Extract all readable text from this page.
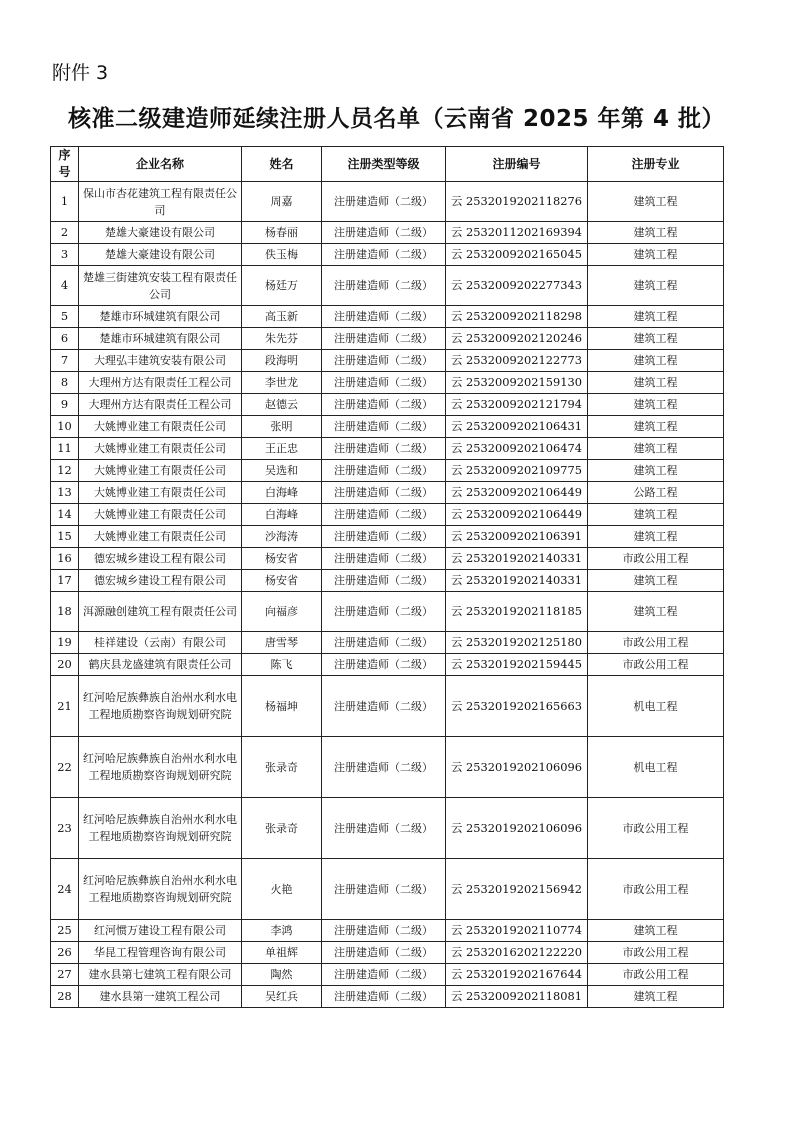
附件 3
核准二级建造师延续注册人员名单（云南省 2025 年第 4 批）
序号	企业名称	姓名	注册类型等级	注册编号	注册专业
1	保山市杏花建筑工程有限责任公司	周嘉	注册建造师（二级）	云 2532019202118276	建筑工程
2	楚雄大豪建设有限公司	杨春丽	注册建造师（二级）	云 2532011202169394	建筑工程
3	楚雄大豪建设有限公司	佚玉梅	注册建造师（二级）	云 2532009202165045	建筑工程
4	楚雄三街建筑安装工程有限责任公司	杨廷万	注册建造师（二级）	云 2532009202277343	建筑工程
5	楚雄市环城建筑有限公司	高玉新	注册建造师（二级）	云 2532009202118298	建筑工程
6	楚雄市环城建筑有限公司	朱先芬	注册建造师（二级）	云 2532009202120246	建筑工程
7	大理弘丰建筑安装有限公司	段海明	注册建造师（二级）	云 2532009202122773	建筑工程
8	大理州方达有限责任工程公司	李世龙	注册建造师（二级）	云 2532009202159130	建筑工程
9	大理州方达有限责任工程公司	赵德云	注册建造师（二级）	云 2532009202121794	建筑工程
10	大姚博业建工有限责任公司	张明	注册建造师（二级）	云 2532009202106431	建筑工程
11	大姚博业建工有限责任公司	王正忠	注册建造师（二级）	云 2532009202106474	建筑工程
12	大姚博业建工有限责任公司	吴选和	注册建造师（二级）	云 2532009202109775	建筑工程
13	大姚博业建工有限责任公司	白海峰	注册建造师（二级）	云 2532009202106449	公路工程
14	大姚博业建工有限责任公司	白海峰	注册建造师（二级）	云 2532009202106449	建筑工程
15	大姚博业建工有限责任公司	沙海涛	注册建造师（二级）	云 2532009202106391	建筑工程
16	德宏城乡建设工程有限公司	杨安省	注册建造师（二级）	云 2532019202140331	市政公用工程
17	德宏城乡建设工程有限公司	杨安省	注册建造师（二级）	云 2532019202140331	建筑工程
18	洱源融创建筑工程有限责任公司	向福彦	注册建造师（二级）	云 2532019202118185	建筑工程
19	桂祥建设（云南）有限公司	唐雪琴	注册建造师（二级）	云 2532019202125180	市政公用工程
20	鹤庆县龙盛建筑有限责任公司	陈飞	注册建造师（二级）	云 2532019202159445	市政公用工程
21	红河哈尼族彝族自治州水利水电工程地质勘察咨询规划研究院	杨福坤	注册建造师（二级）	云 2532019202165663	机电工程
22	红河哈尼族彝族自治州水利水电工程地质勘察咨询规划研究院	张录奇	注册建造师（二级）	云 2532019202106096	机电工程
23	红河哈尼族彝族自治州水利水电工程地质勘察咨询规划研究院	张录奇	注册建造师（二级）	云 2532019202106096	市政公用工程
24	红河哈尼族彝族自治州水利水电工程地质勘察咨询规划研究院	火艳	注册建造师（二级）	云 2532019202156942	市政公用工程
25	红河惯万建设工程有限公司	李鸿	注册建造师（二级）	云 2532019202110774	建筑工程
26	华昆工程管理咨询有限公司	单祖辉	注册建造师（二级）	云 2532016202122220	市政公用工程
27	建水县第七建筑工程有限公司	陶然	注册建造师（二级）	云 2532019202167644	市政公用工程
28	建水县第一建筑工程公司	吴红兵	注册建造师（二级）	云 2532009202118081	建筑工程
